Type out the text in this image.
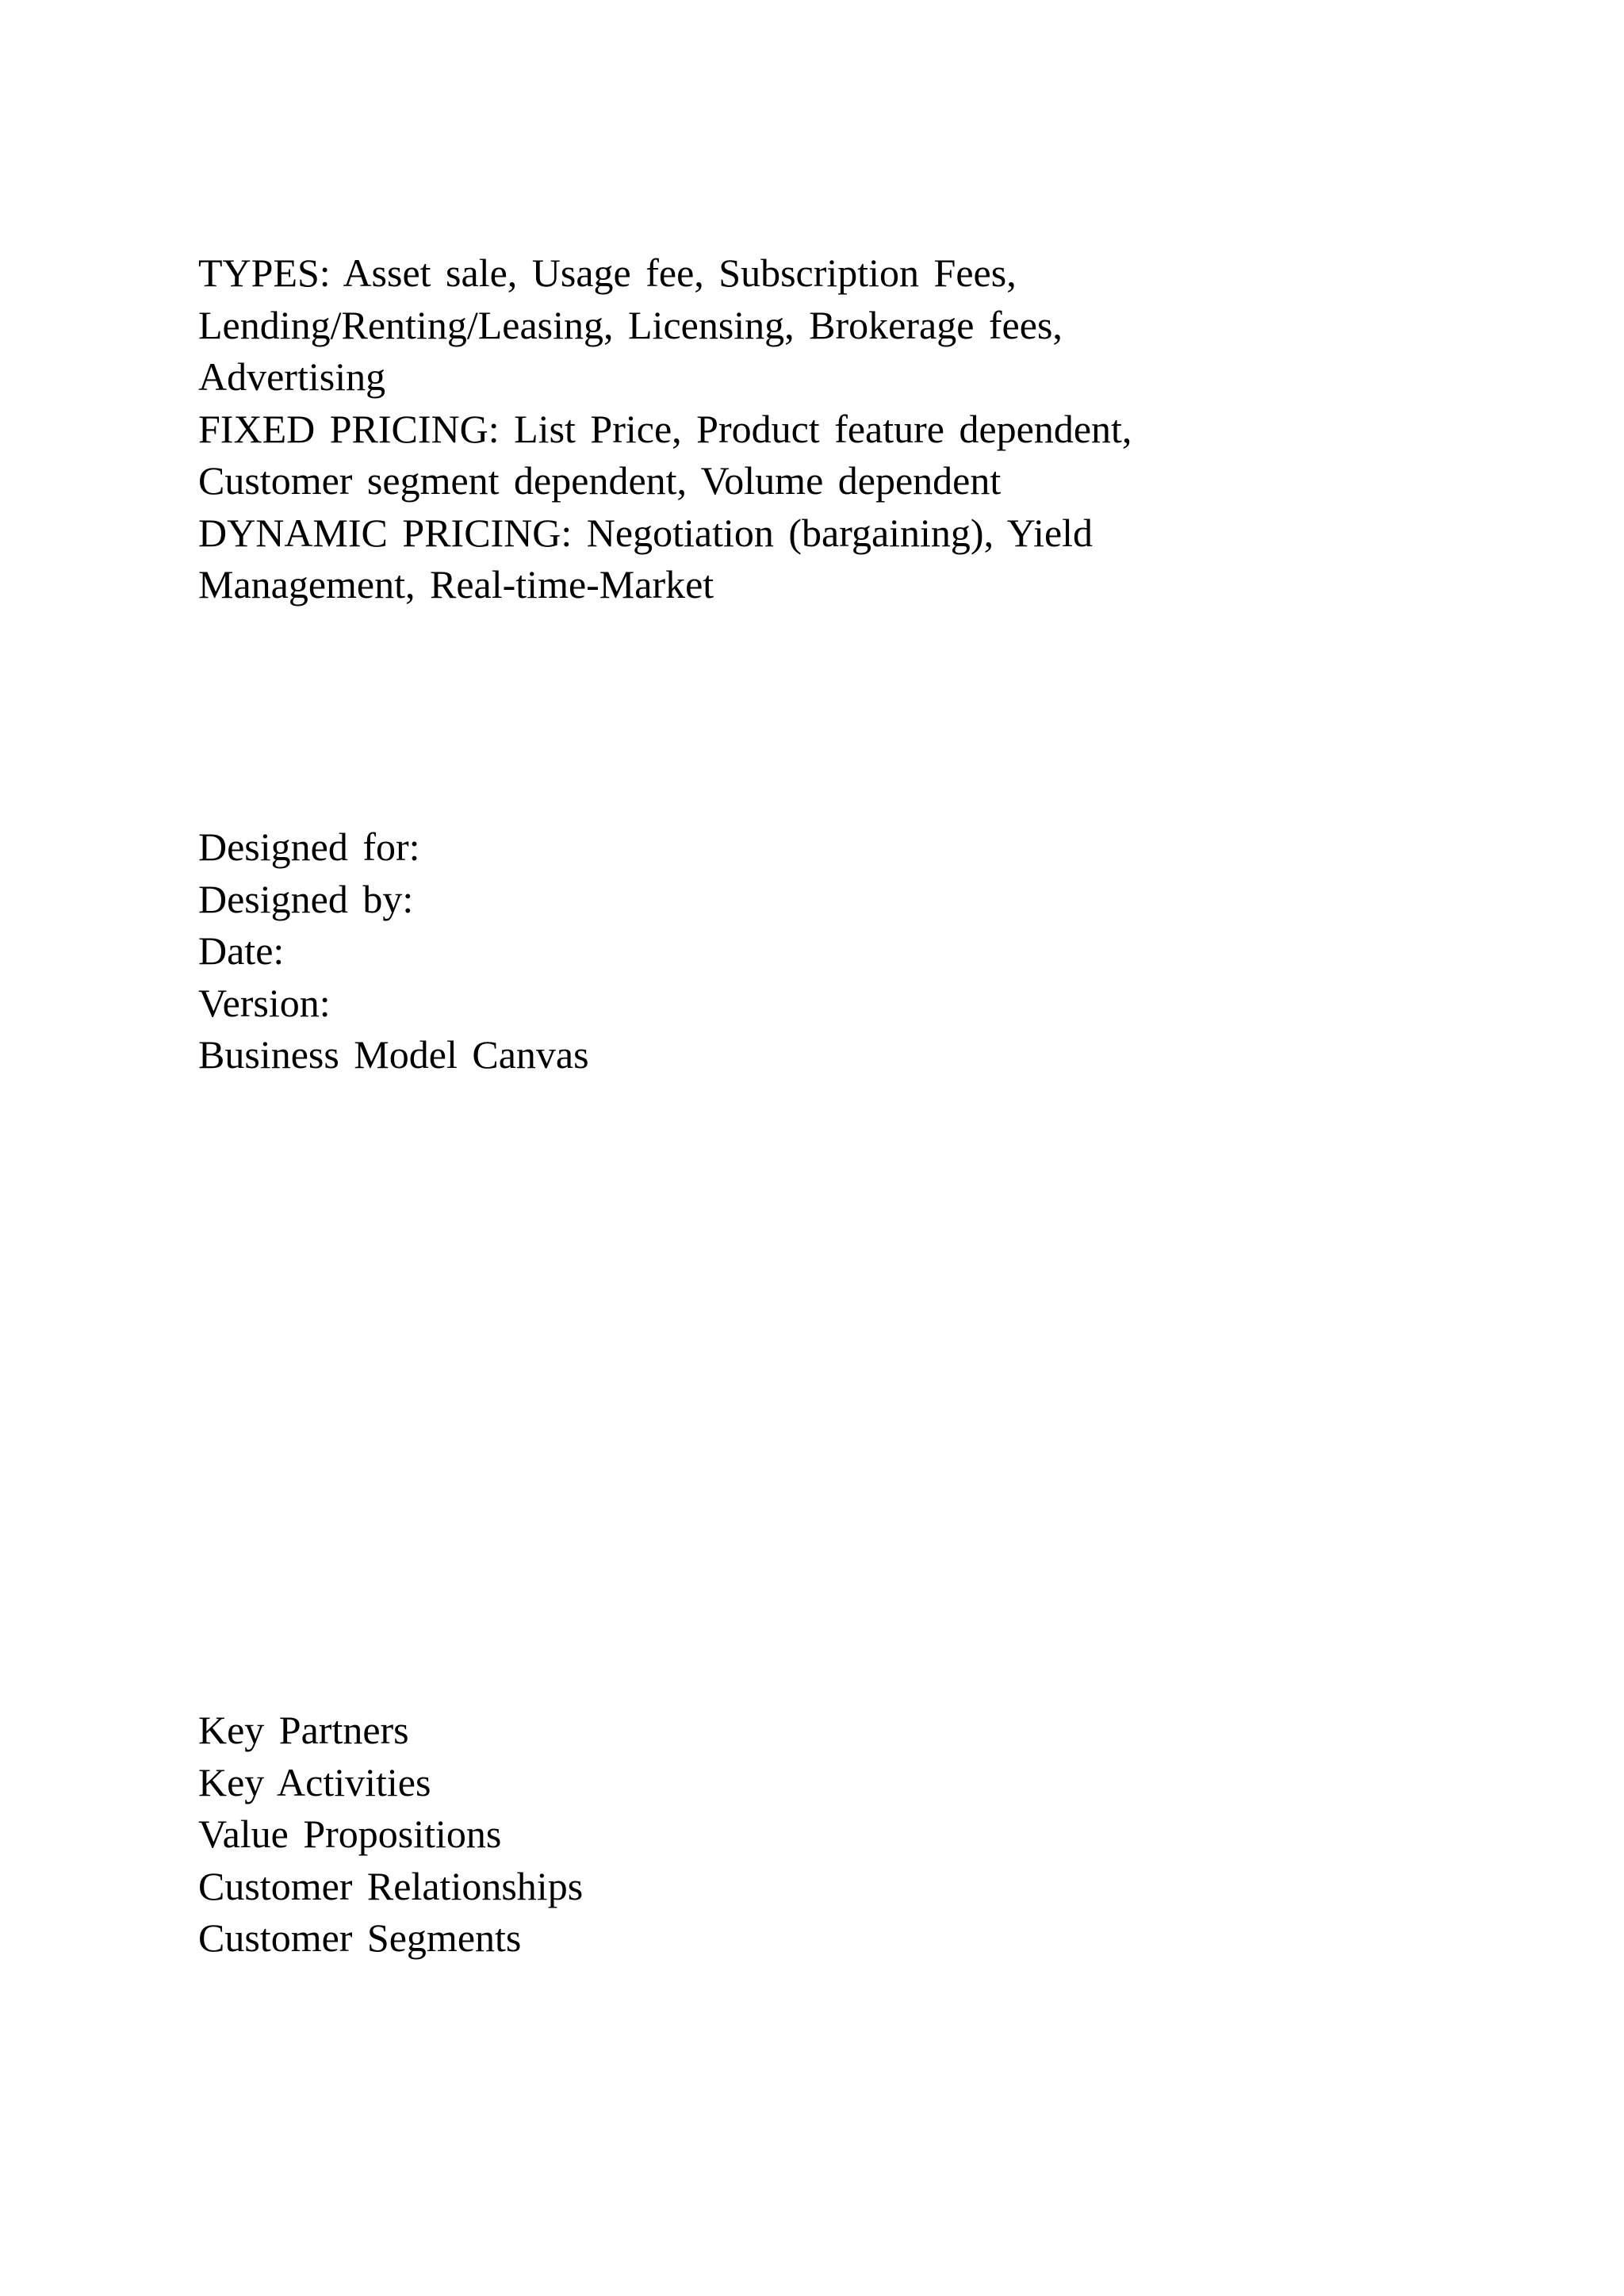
TYPES: Asset sale, Usage fee, Subscription Fees,
Lending/Renting/Leasing, Licensing, Brokerage fees,
Advertising
FIXED PRICING: List Price, Product feature dependent,
Customer segment dependent, Volume dependent
DYNAMIC PRICING: Negotiation (bargaining), Yield
Management, Real-time-Market
Designed for:
Designed by:
Date:
Version:
Business Model Canvas
Key Partners
Key Activities
Value Propositions
Customer Relationships
Customer Segments
